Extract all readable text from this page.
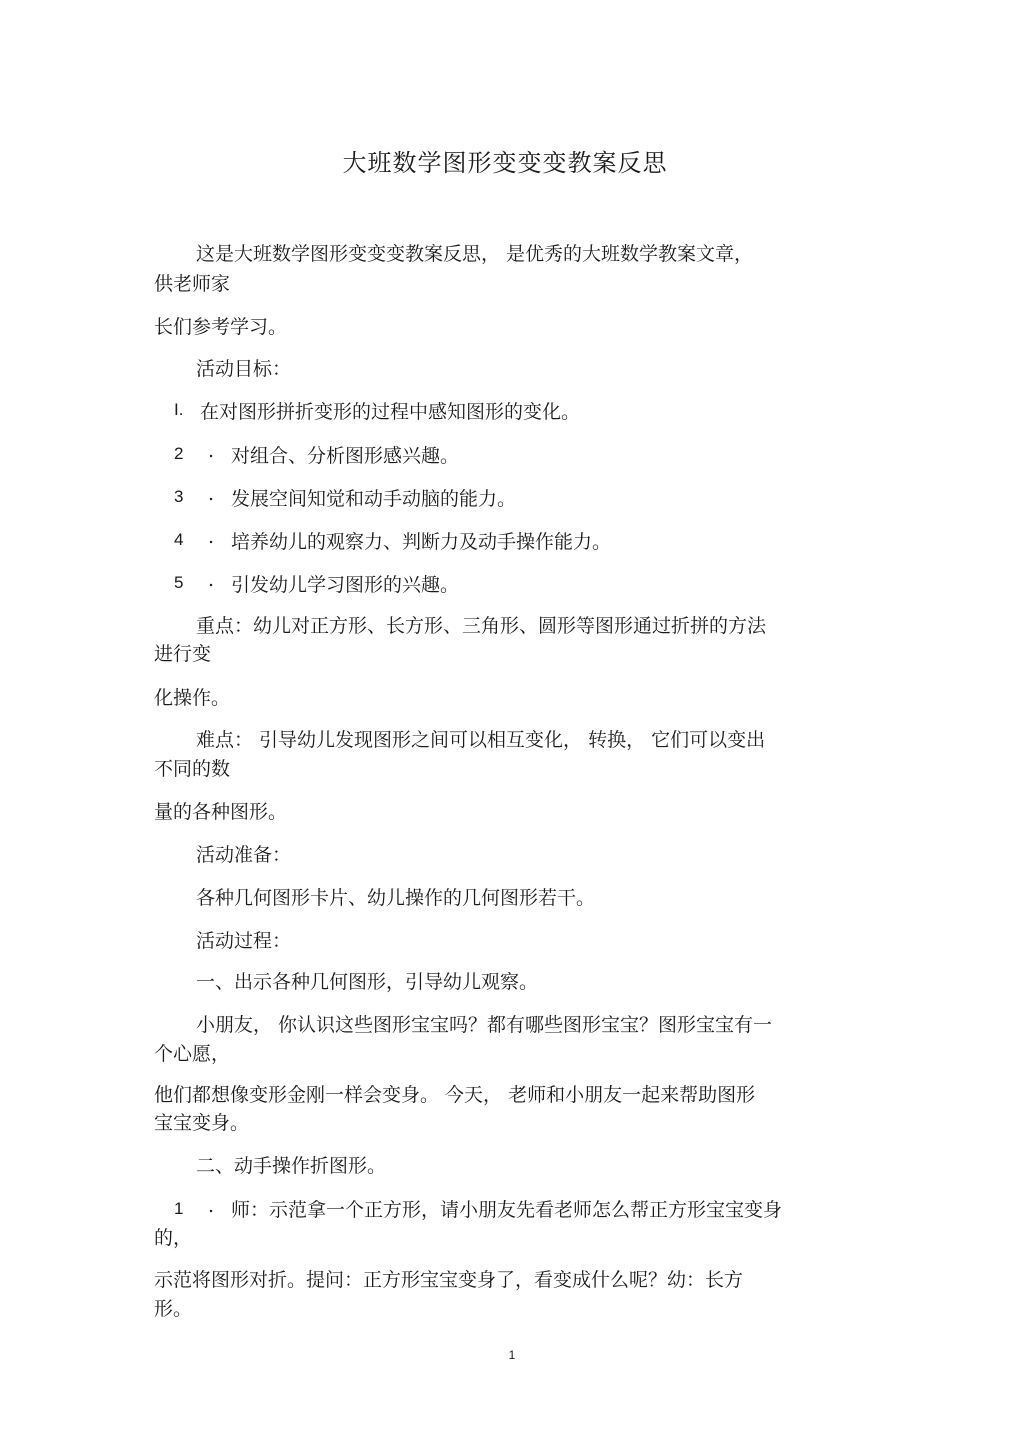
大班数学图形变变变教案反思
这是大班数学图形变变变教案反思， 是优秀的大班数学教案文章，
供老师家
长们参考学习。
活动目标：
I. 在对图形拼折变形的过程中感知图形的变化。
2 . 对组合、分析图形感兴趣。
3 . 发展空间知觉和动手动脑的能力。
4 . 培养幼儿的观察力、判断力及动手操作能力。
5 . 引发幼儿学习图形的兴趣。
重点：幼儿对正方形、长方形、三角形、圆形等图形通过折拼的方法
进行变
化操作。
难点： 引导幼儿发现图形之间可以相互变化， 转换， 它们可以变出
不同的数
量的各种图形。
活动准备：
各种几何图形卡片、幼儿操作的几何图形若干。
活动过程：
一、出示各种几何图形，引导幼儿观察。
小朋友， 你认识这些图形宝宝吗？都有哪些图形宝宝？图形宝宝有一
个心愿，
他们都想像变形金刚一样会变身。 今天， 老师和小朋友一起来帮助图形
宝宝变身。
二、动手操作折图形。
1 . 师：示范拿一个正方形，请小朋友先看老师怎么帮正方形宝宝变身
的，
示范将图形对折。提问：正方形宝宝变身了，看变成什么呢？幼：长方
形。
1
